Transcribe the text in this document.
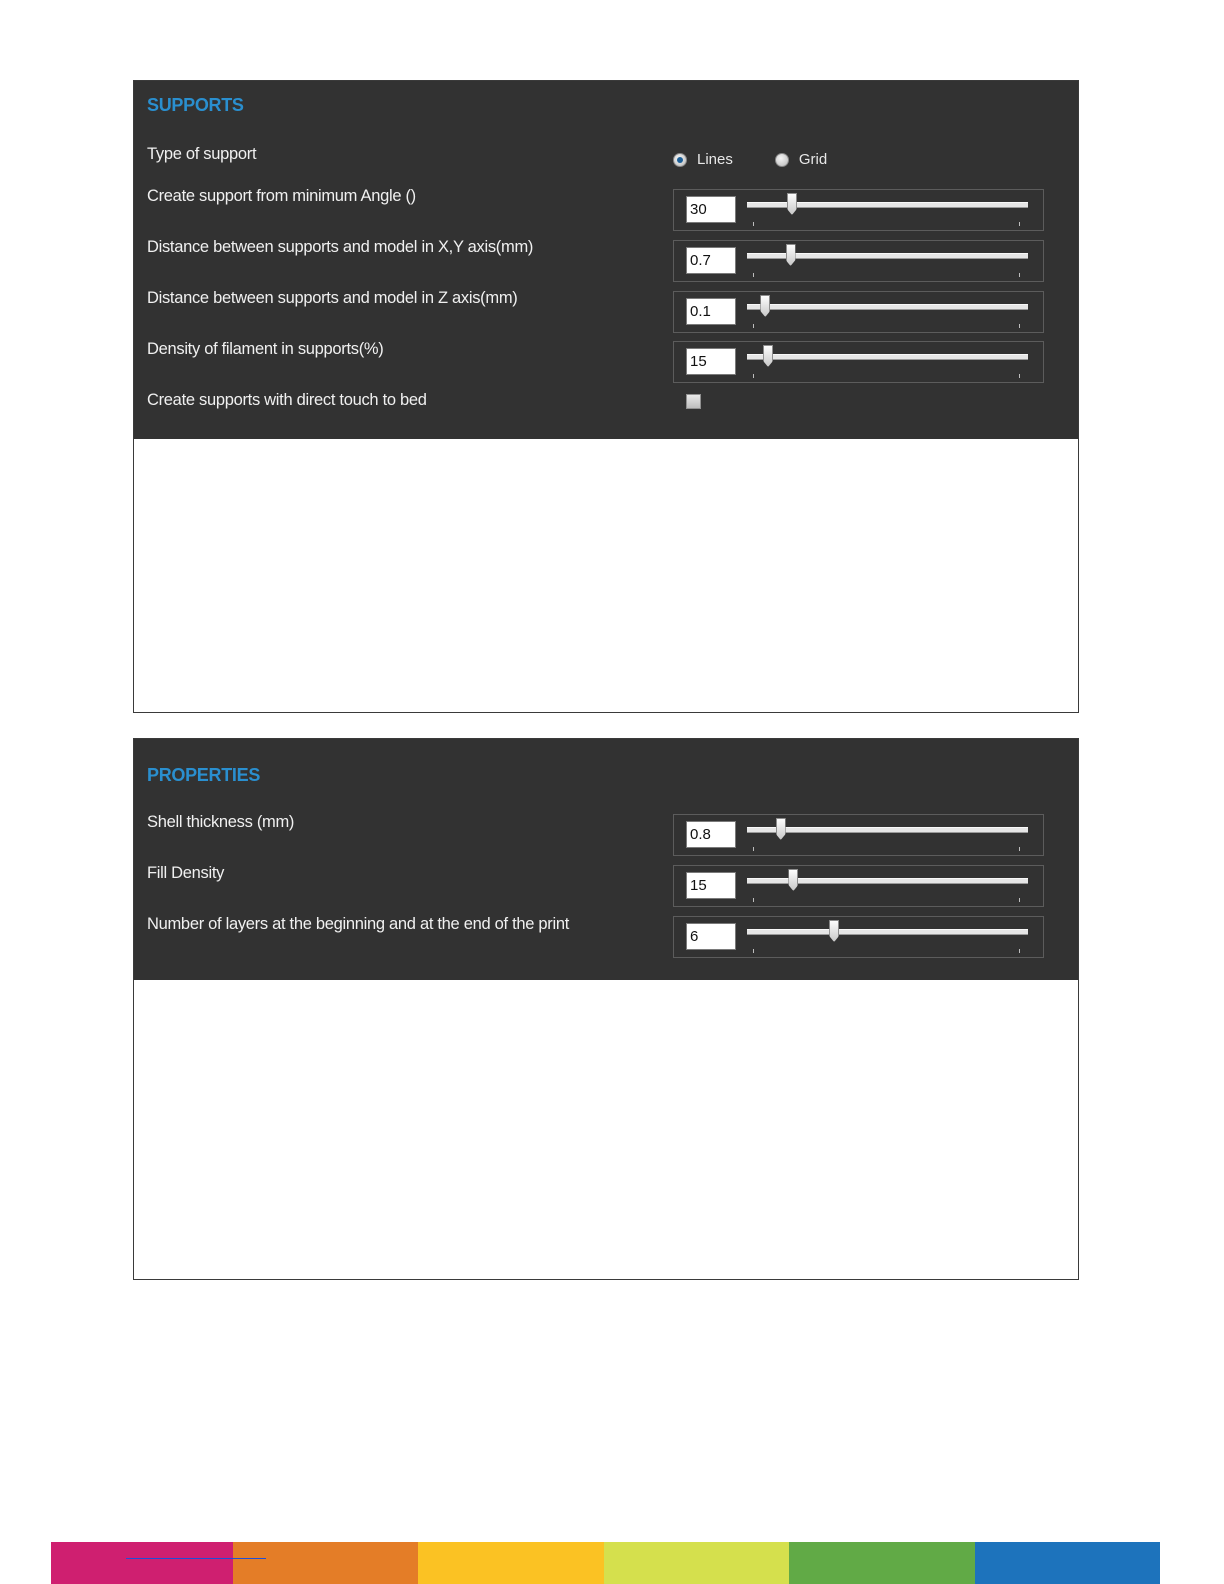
SUPPORTS
Type of support	Lines	Grid
Create support from minimum Angle ()
30
Distance between supports and model in X,Y axis(mm)
0.7
Distance between supports and model in Z axis(mm)
0.1
Density of filament in supports(%)
15
Create supports with direct touch to bed
PROPERTIES
Shell thickness (mm)
0.8
Fill Density
15
Number of layers at the beginning and at the end of the print
6
